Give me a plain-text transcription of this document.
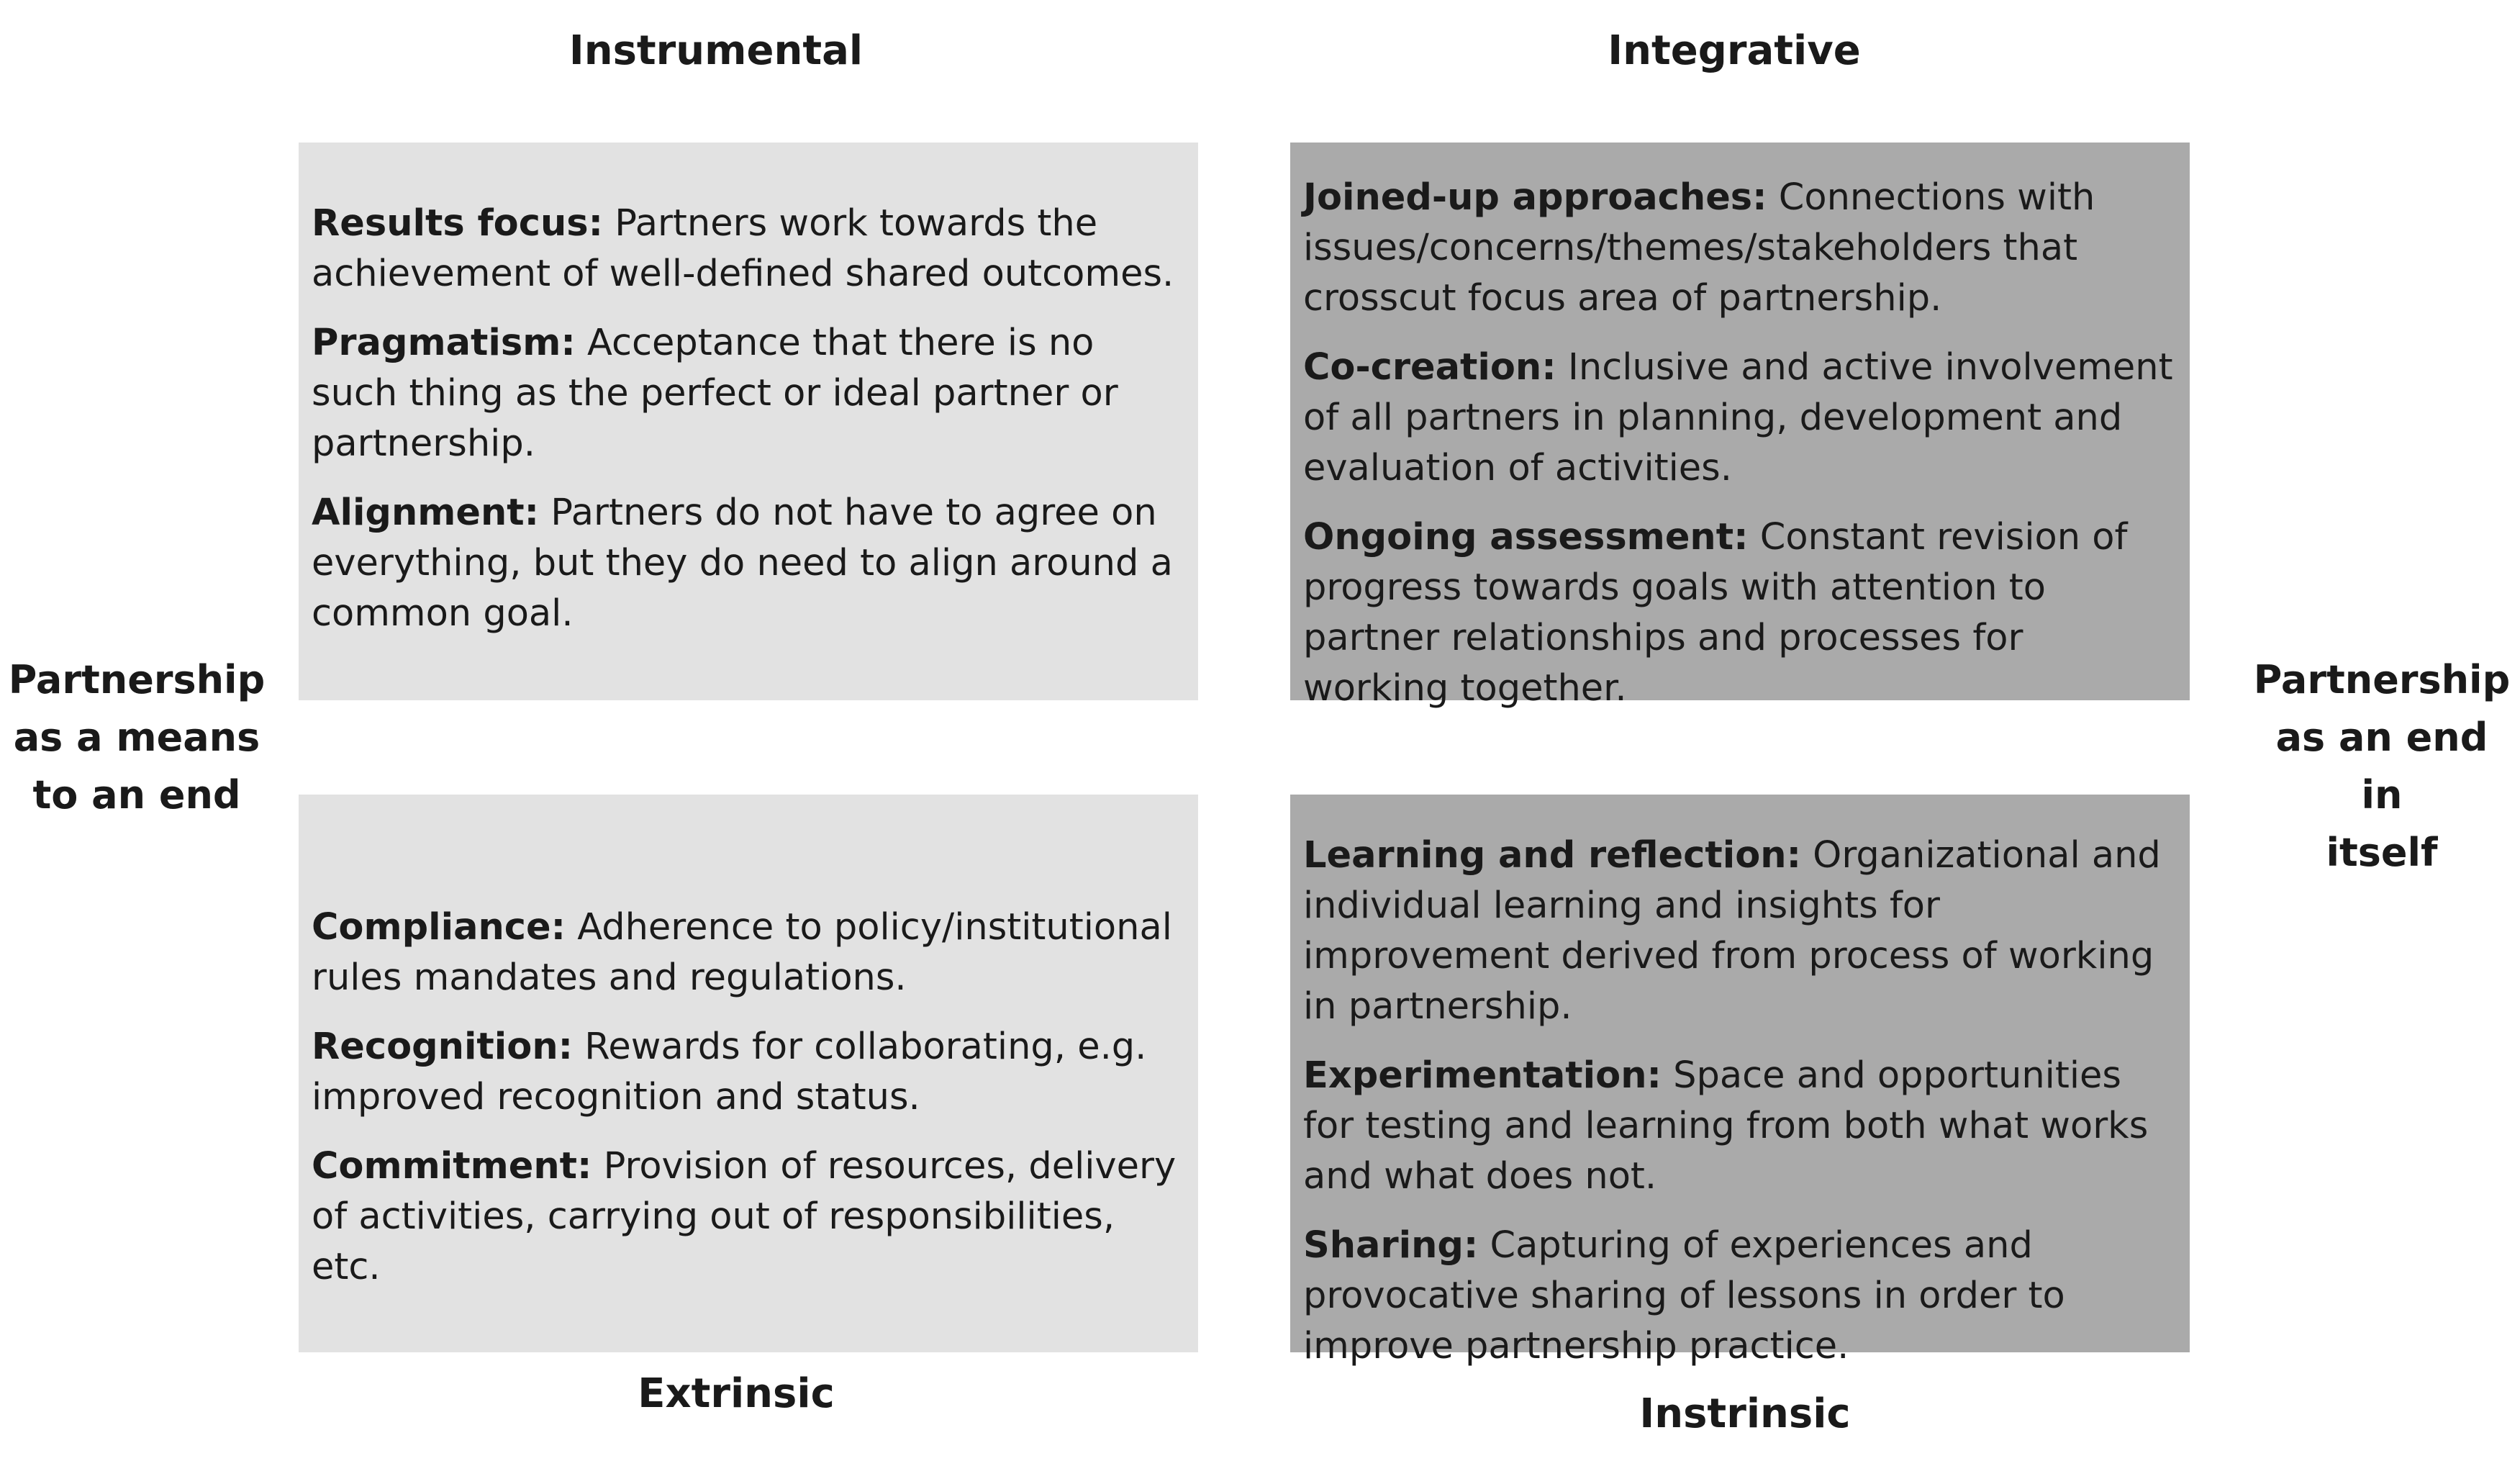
Instrumental	Integrative
Extrinsic	Instrinsic
Partnership
as a means
to an end
Partnership
as an end in
itself

Results focus: Partners work towards the achievement of well-defined shared outcomes.

Pragmatism: Acceptance that there is no such thing as the perfect or ideal partner or partnership.

Alignment: Partners do not have to agree on everything, but they do need to align around a common goal.

Joined-up approaches: Connections with issues/concerns/themes/stakeholders that crosscut focus area of partnership.

Co-creation: Inclusive and active involvement of all partners in planning, development and evaluation of activities.

Ongoing assessment: Constant revision of progress towards goals with attention to partner relationships and processes for working together.

Compliance: Adherence to policy/institutional rules mandates and regulations.

Recognition: Rewards for collaborating, e.g. improved recognition and status.

Commitment: Provision of resources, delivery of activities, carrying out of responsibilities, etc.

Learning and reflection: Organizational and individual learning and insights for improvement derived from process of working in partnership.

Experimentation: Space and opportunities for testing and learning from both what works and what does not.

Sharing: Capturing of experiences and provocative sharing of lessons in order to improve partnership practice.
